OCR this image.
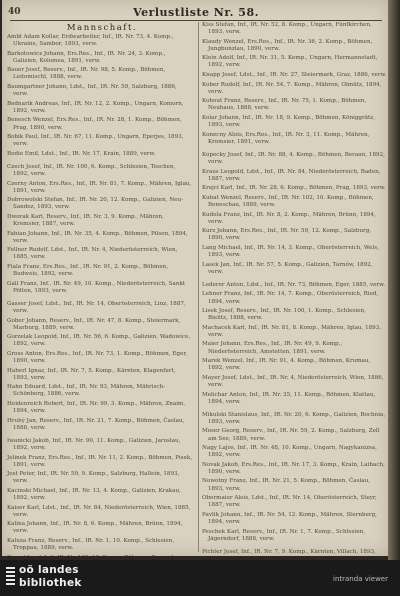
40	Verlustliste Nr. 58.
Mannschaft.
Ambl Adam Kollar, Erdwarbeiter, Inf., IR. Nr. 73, 4. Komp., Ukraine, Sambor, 1893, verw.
Barkotowicz Johann, Ers.Res., Inf., IR. Nr. 24, 3. Komp., Galizien, Kolomea, 1891, verw.
Bauer Josef, Reserv., Inf., IR. Nr. 98, 5. Komp., Böhmen, Leitomischl, 1888, verw.
Baumgartner Johann, Ldst., Inf., IR. Nr. 59, Salzburg, 1886, verw.
Bednarik Andreas, Inf., IR. Nr. 12, 2. Komp., Ungarn, Komorn, 1892, verw.
Benesch Wenzel, Ers.Res., Inf., IR. Nr. 28, 1. Komp., Böhmen, Prag, 1890, verw.
Bobik Paul, Inf., IR. Nr. 67, 11. Komp., Ungarn, Eperjes, 1893, verw.
Bodie Emil, Ldst., Inf., IR. Nr. 17, Krain, 1889, verw.
Czech Josef, Inf., IR. Nr. 100, 6. Komp., Schlesien, Teschen, 1892, verw.
Czerny Anton, Ers.Res., Inf., IR. Nr. 81, 7. Komp., Mähren, Iglau, 1891, verw.
Dobrowolski Stefan, Inf., IR. Nr. 20, 12. Komp., Galizien, Neu-Sandez, 1893, verw.
Dworak Karl, Reserv., Inf., IR. Nr. 3, 9. Komp., Mähren, Kremsier, 1887, verw.
Fabian Johann, Inf., IR. Nr. 35, 4. Komp., Böhmen, Pilsen, 1894, verw.
Fellner Rudolf, Ldst., Inf., IR. Nr. 4, Niederösterreich, Wien, 1885, verw.
Fiala Franz, Ers.Res., Inf., IR. Nr. 91, 2. Komp., Böhmen, Budweis, 1892, verw.
Gall Franz, Inf., IR. Nr. 49, 10. Komp., Niederösterreich, Sankt Pölten, 1893, verw.
Gasser Josef, Ldst., Inf., IR. Nr. 14, Oberösterreich, Linz, 1887, verw.
Gober Johann, Reserv., Inf., IR. Nr. 47, 8. Komp., Steiermark, Marburg, 1889, verw.
Gorzelak Leopold, Inf., IR. Nr. 56, 6. Komp., Galizien, Wadowice, 1892, verw.
Gross Anton, Ers.Res., Inf., IR. Nr. 73, 1. Komp., Böhmen, Eger, 1890, verw.
Haberl Ignaz, Inf., IR. Nr. 7, 5. Komp., Kärnten, Klagenfurt, 1893, verw.
Hahn Eduard, Ldst., Inf., IR. Nr. 93, Mähren, Mährisch-Schönberg, 1886, verw.
Heidenreich Robert, Inf., IR. Nr. 99, 3. Komp., Mähren, Znaim, 1894, verw.
Hrubý Jan, Reserv., Inf., IR. Nr. 21, 7. Komp., Böhmen, Časlau, 1888, verw.
Iwanicki Jakob, Inf., IR. Nr. 90, 11. Komp., Galizien, Jaroslau, 1892, verw.
Jelinek Franz, Ers.Res., Inf., IR. Nr. 11, 2. Komp., Böhmen, Pisek, 1891, verw.
Jost Peter, Inf., IR. Nr. 59, 9. Komp., Salzburg, Hallein, 1893, verw.
Kacinski Michael, Inf., IR. Nr. 13, 4. Komp., Galizien, Krakau, 1892, verw.
Kaiser Karl, Ldst., Inf., IR. Nr. 84, Niederösterreich, Wien, 1885, verw.
Kalina Johann, Inf., IR. Nr. 8, 6. Komp., Mähren, Brünn, 1894, verw.
Kaluza Franz, Reserv., Inf., IR. Nr. 1, 10. Komp., Schlesien, Troppau, 1889, verw.
Kiss Stefan, Inf., IR. Nr. 52, 8. Komp., Ungarn, Fünfkirchen, 1893, verw.
Klaudy Wenzel, Ers.Res., Inf., IR. Nr. 36, 2. Komp., Böhmen, Jungbunzlau, 1890, verw.
Klein Adolf, Inf., IR. Nr. 31, 5. Komp., Ungarn, Hermannstadt, 1892, verw.
Knapp Josef, Ldst., Inf., IR. Nr. 27, Steiermark, Graz, 1886, verw.
Kober Rudolf, Inf., IR. Nr. 54, 7. Komp., Mähren, Olmütz, 1894, verw.
Kohout Franz, Reserv., Inf., IR. Nr. 75, 1. Komp., Böhmen, Neuhaus, 1888, verw.
Kolar Johann, Inf., IR. Nr. 18, 9. Komp., Böhmen, Königgrätz, 1893, verw.
Konecny Alois, Ers.Res., Inf., IR. Nr. 3, 11. Komp., Mähren, Kremsier, 1891, verw.
Kopecky Josef, Inf., IR. Nr. 88, 4. Komp., Böhmen, Beraun, 1892, verw.
Kraus Leopold, Ldst., Inf., IR. Nr. 84, Niederösterreich, Baden, 1887, verw.
Krejci Karl, Inf., IR. Nr. 28, 6. Komp., Böhmen, Prag, 1893, verw.
Kubat Wenzel, Reserv., Inf., IR. Nr. 102, 10. Komp., Böhmen, Beneschau, 1889, verw.
Kudela Franz, Inf., IR. Nr. 8, 2. Komp., Mähren, Brünn, 1894, verw.
Kurz Johann, Ers.Res., Inf., IR. Nr. 59, 12. Komp., Salzburg, 1890, verw.
Lang Michael, Inf., IR. Nr. 14, 3. Komp., Oberösterreich, Wels, 1893, verw.
Lasek Jan, Inf., IR. Nr. 57, 5. Komp., Galizien, Tarnów, 1892, verw.
Lederer Anton, Ldst., Inf., IR. Nr. 73, Böhmen, Eger, 1885, verw.
Lehner Franz, Inf., IR. Nr. 14, 7. Komp., Oberösterreich, Ried, 1894, verw.
Lisek Josef, Reserv., Inf., IR. Nr. 100, 1. Komp., Schlesien, Bielitz, 1888, verw.
Machacek Karl, Inf., IR. Nr. 81, 8. Komp., Mähren, Iglau, 1893, verw.
Maier Johann, Ers.Res., Inf., IR. Nr. 49, 9. Komp., Niederösterreich, Amstetten, 1891, verw.
Marek Wenzel, Inf., IR. Nr. 91, 4. Komp., Böhmen, Krumau, 1892, verw.
Mayer Josef, Ldst., Inf., IR. Nr. 4, Niederösterreich, Wien, 1886, verw.
Melichar Anton, Inf., IR. Nr. 35, 11. Komp., Böhmen, Klattau, 1894, verw.
Mikulski Stanislaus, Inf., IR. Nr. 20, 6. Komp., Galizien, Bochnia, 1893, verw.
Moser Georg, Reserv., Inf., IR. Nr. 59, 2. Komp., Salzburg, Zell am See, 1889, verw.
Nagy Lajos, Inf., IR. Nr. 48, 10. Komp., Ungarn, Nagykanizsa, 1892, verw.
Novak Jakob, Ers.Res., Inf., IR. Nr. 17, 3. Komp., Krain, Laibach, 1890, verw.
Nowotny Franz, Inf., IR. Nr. 21, 5. Komp., Böhmen, Časlau, 1893, verw.
Obermaier Alois, Ldst., Inf., IR. Nr. 14, Oberösterreich, Steyr, 1887, verw.
Pavlik Johann, Inf., IR. Nr. 54, 12. Komp., Mähren, Sternberg, 1894, verw.
Peschek Karl, Reserv., Inf., IR. Nr. 1, 7. Komp., Schlesien, Jägerndorf, 1888, verw.
Pichler Josef, Inf., IR. Nr. 7, 9. Komp., Kärnten, Villach, 1893,
oö landes
bibliothek	intranda viewer
